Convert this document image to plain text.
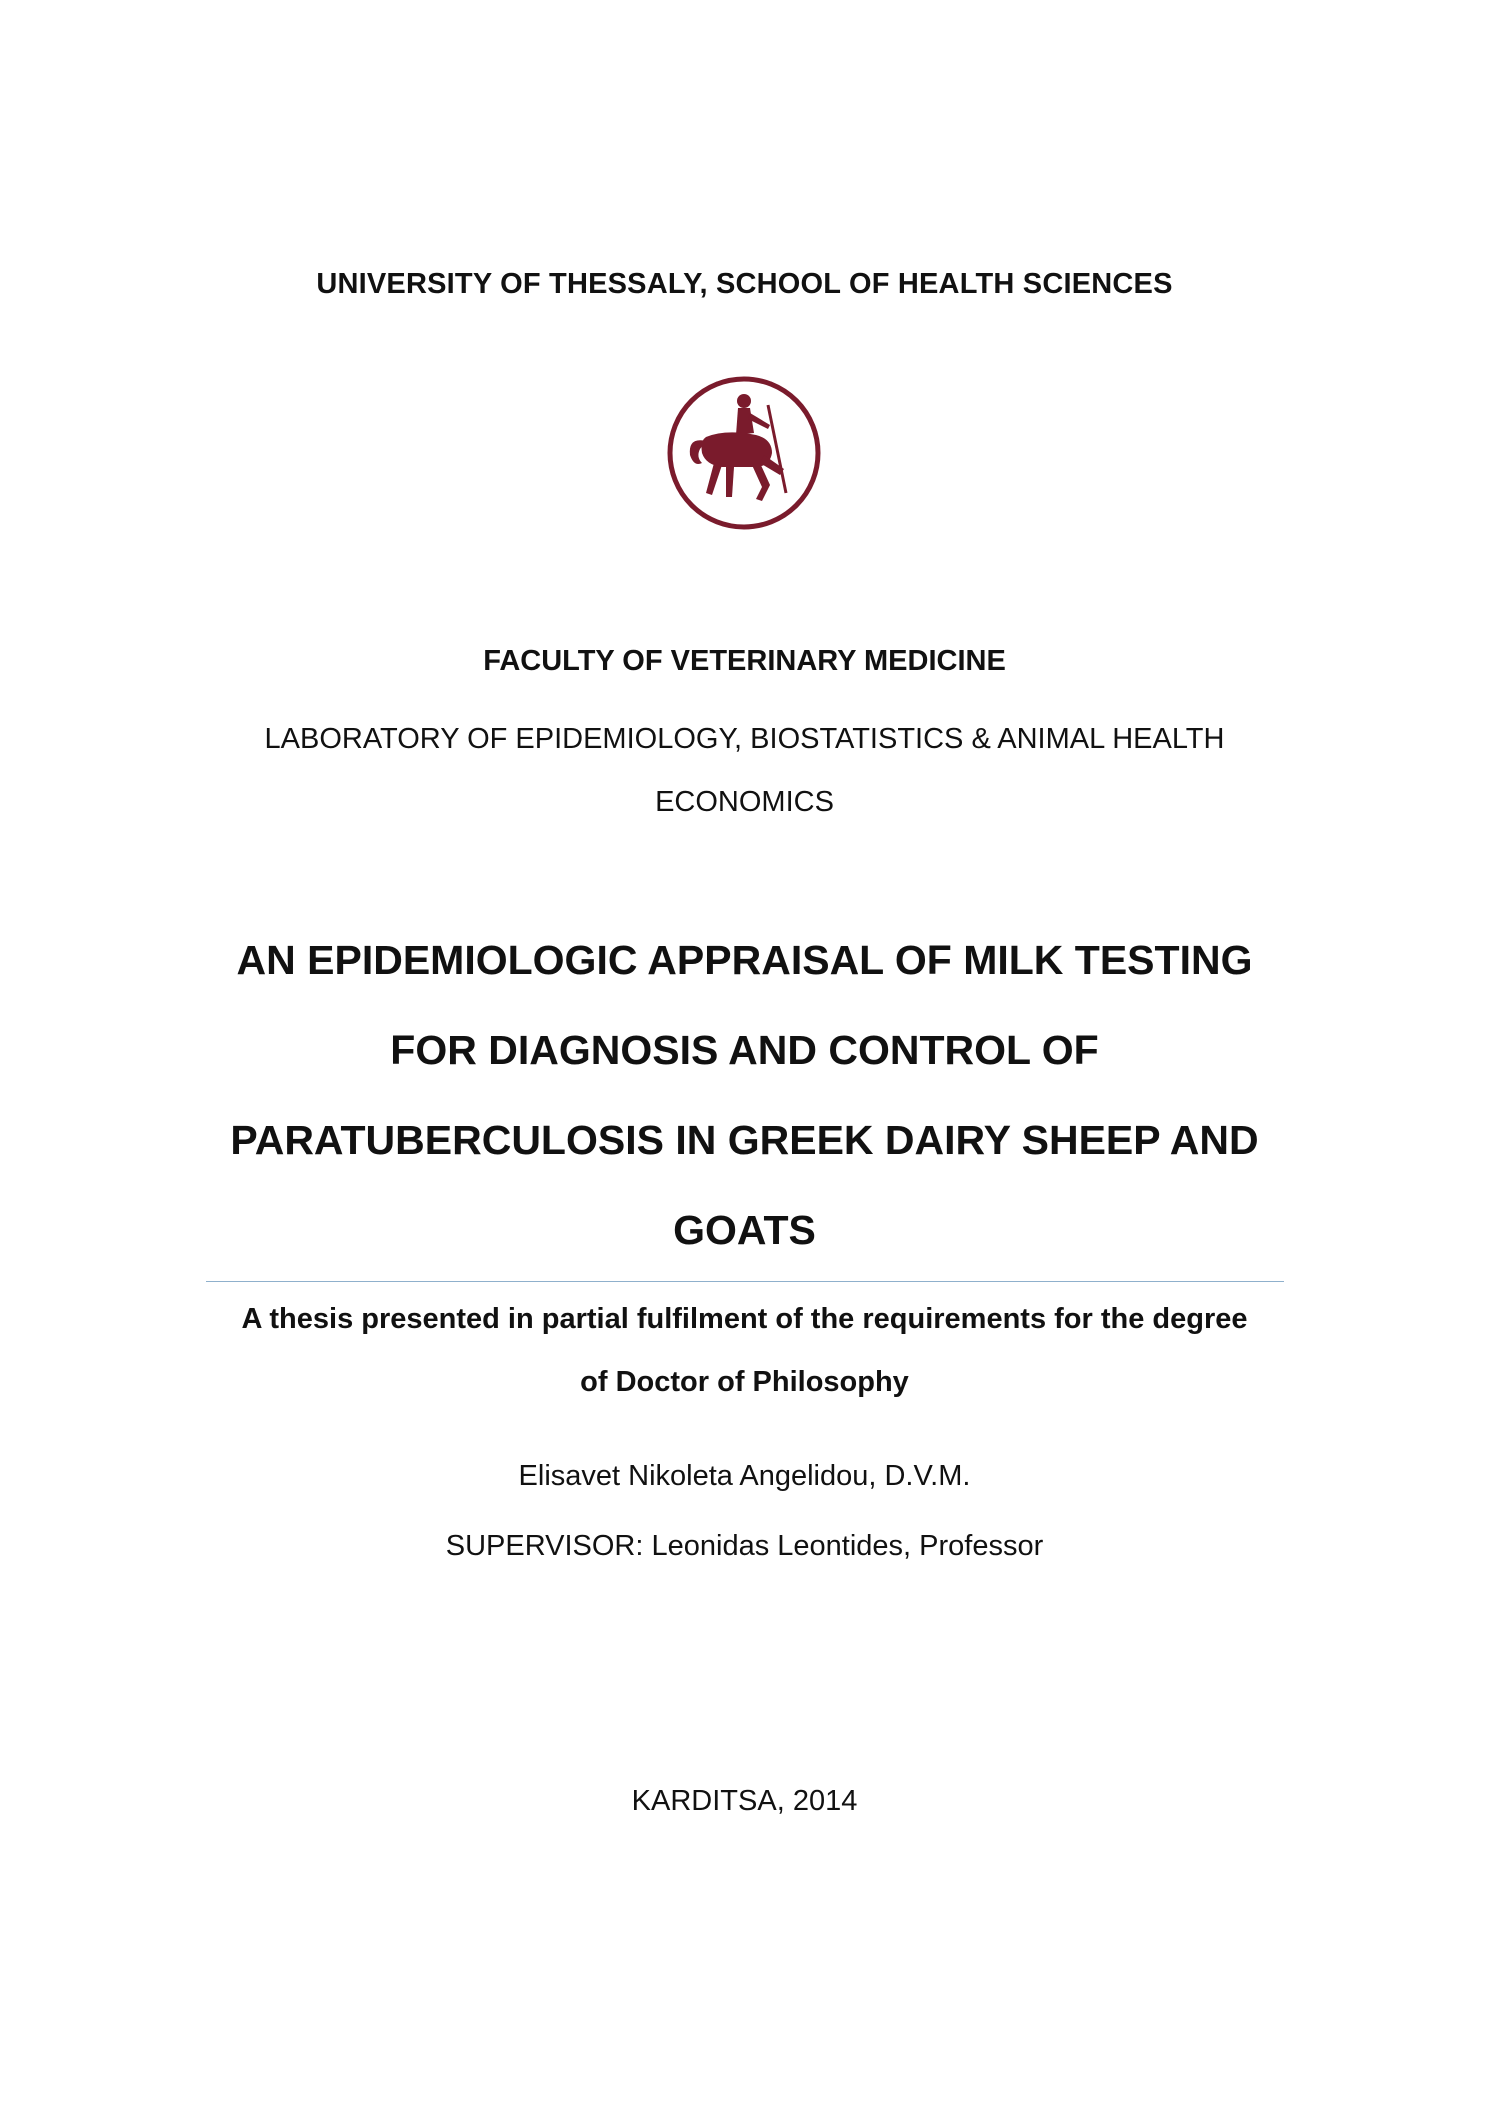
UNIVERSITY OF THESSALY, SCHOOL OF HEALTH SCIENCES
FACULTY OF VETERINARY MEDICINE
LABORATORY OF EPIDEMIOLOGY, BIOSTATISTICS & ANIMAL HEALTH
ECONOMICS
AN EPIDEMIOLOGIC APPRAISAL OF MILK TESTING
FOR DIAGNOSIS AND CONTROL OF
PARATUBERCULOSIS IN GREEK DAIRY SHEEP AND
GOATS
A thesis presented in partial fulfilment of the requirements for the degree
of Doctor of Philosophy
Elisavet Nikoleta Angelidou, D.V.M.
SUPERVISOR: Leonidas Leontides, Professor
KARDITSA, 2014
